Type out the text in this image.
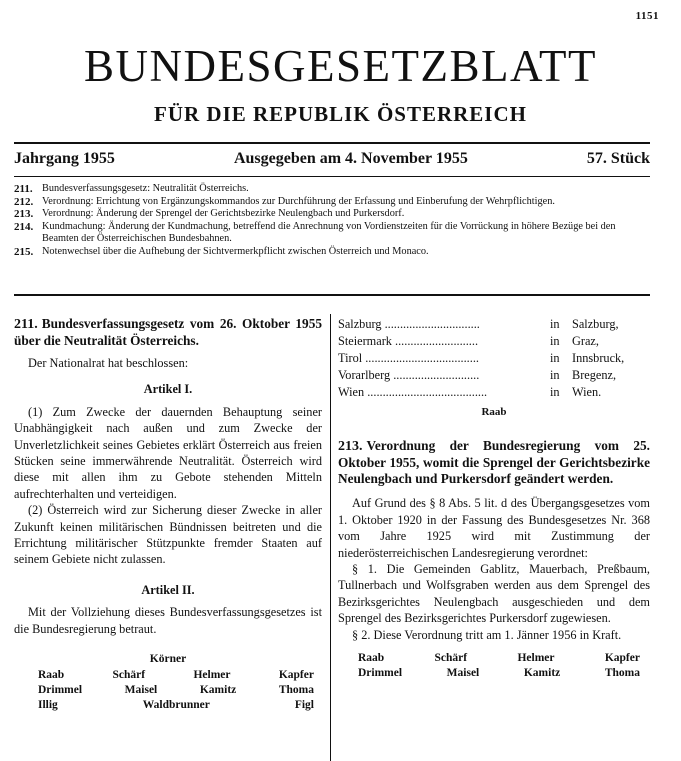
1151
BUNDESGESETZBLATT
FÜR DIE REPUBLIK ÖSTERREICH
Jahrgang 1955	Ausgegeben am 4. November 1955	57. Stück
211. Bundesverfassungsgesetz: Neutralität Österreichs.
212. Verordnung: Errichtung von Ergänzungskommandos zur Durchführung der Erfassung und Einberufung der Wehrpflichtigen.
213. Verordnung: Änderung der Sprengel der Gerichtsbezirke Neulengbach und Purkersdorf.
214. Kundmachung: Änderung der Kundmachung, betreffend die Anrechnung von Vordienstzeiten für die Vorrückung in höhere Bezüge bei den Beamten der Österreichischen Bundesbahnen.
215. Notenwechsel über die Aufhebung der Sichtvermerkpflicht zwischen Österreich und Monaco.
211. Bundesverfassungsgesetz vom 26. Oktober 1955 über die Neutralität Österreichs.

Der Nationalrat hat beschlossen:

Artikel I.

(1) Zum Zwecke der dauernden Behauptung seiner Unabhängigkeit nach außen und zum Zwecke der Unverletzlichkeit seines Gebietes erklärt Österreich aus freien Stücken seine immerwährende Neutralität. Österreich wird diese mit allen ihm zu Gebote stehenden Mitteln aufrechterhalten und verteidigen.

(2) Österreich wird zur Sicherung dieser Zwecke in aller Zukunft keinen militärischen Bündnissen beitreten und die Errichtung militärischer Stützpunkte fremder Staaten auf seinem Gebiete nicht zulassen.

Artikel II.

Mit der Vollziehung dieses Bundesverfassungsgesetzes ist die Bundesregierung betraut.

Körner
Raab	Schärf	Helmer	Kapfer
Drimmel	Maisel	Kamitz	Thoma
Illig	Waldbrunner	Figl
Salzburg ...............................	in	Salzburg,
Steiermark ...........................	in	Graz,
Tirol .....................................	in	Innsbruck,
Vorarlberg ............................	in	Bregenz,
Wien .......................................	in	Wien.
Raab
213. Verordnung der Bundesregierung vom 25. Oktober 1955, womit die Sprengel der Gerichtsbezirke Neulengbach und Purkersdorf geändert werden.

Auf Grund des § 8 Abs. 5 lit. d des Übergangsgesetzes vom 1. Oktober 1920 in der Fassung des Bundesgesetzes Nr. 368 vom Jahre 1925 wird mit Zustimmung der niederösterreichischen Landesregierung verordnet:

§ 1. Die Gemeinden Gablitz, Mauerbach, Preßbaum, Tullnerbach und Wolfsgraben werden aus dem Sprengel des Bezirksgerichtes Neulengbach ausgeschieden und dem Sprengel des Bezirksgerichtes Purkersdorf zugewiesen.

§ 2. Diese Verordnung tritt am 1. Jänner 1956 in Kraft.

Raab	Schärf	Helmer	Kapfer
Drimmel	Maisel	Kamitz	Thoma
